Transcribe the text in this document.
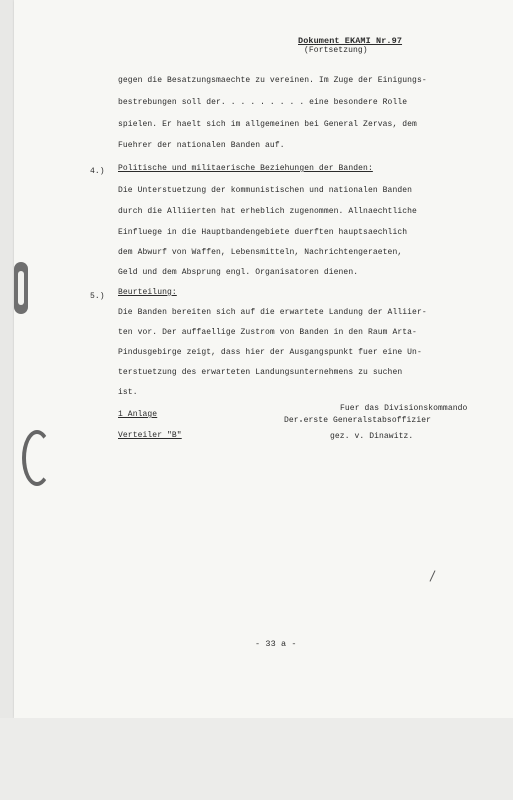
Dokument EKAMI Nr.97
(Fortsetzung)
gegen die Besatzungsmaechte zu vereinen. Im Zuge der Einigungs-
bestrebungen soll der. . . . . . . . . eine besondere Rolle
spielen. Er haelt sich im allgemeinen bei General Zervas, dem
Fuehrer der nationalen Banden auf.
4.) Politische und militaerische Beziehungen der Banden:
Die Unterstuetzung der kommunistischen und nationalen Banden
durch die Alliierten hat erheblich zugenommen. Allnaechtliche
Einfluege in die Hauptbandengebiete duerften hauptsaechlich
dem Abwurf von Waffen, Lebensmitteln, Nachrichtengeraeten,
Geld und dem Absprung engl. Organisatoren dienen.
5.) Beurteilung:
Die Banden bereiten sich auf die erwartete Landung der Alliier-
ten vor. Der auffaellige Zustrom von Banden in den Raum Arta-
Pindusgebirge zeigt, dass hier der Ausgangspunkt fuer eine Un-
terstuetzung des erwarteten Landungsunternehmens zu suchen
ist.
1 Anlage
Verteiler "B"
Fuer das Divisionskommando
Der erste Generalstabsoffizier
gez. v. Dinawitz.
- 33 a -
